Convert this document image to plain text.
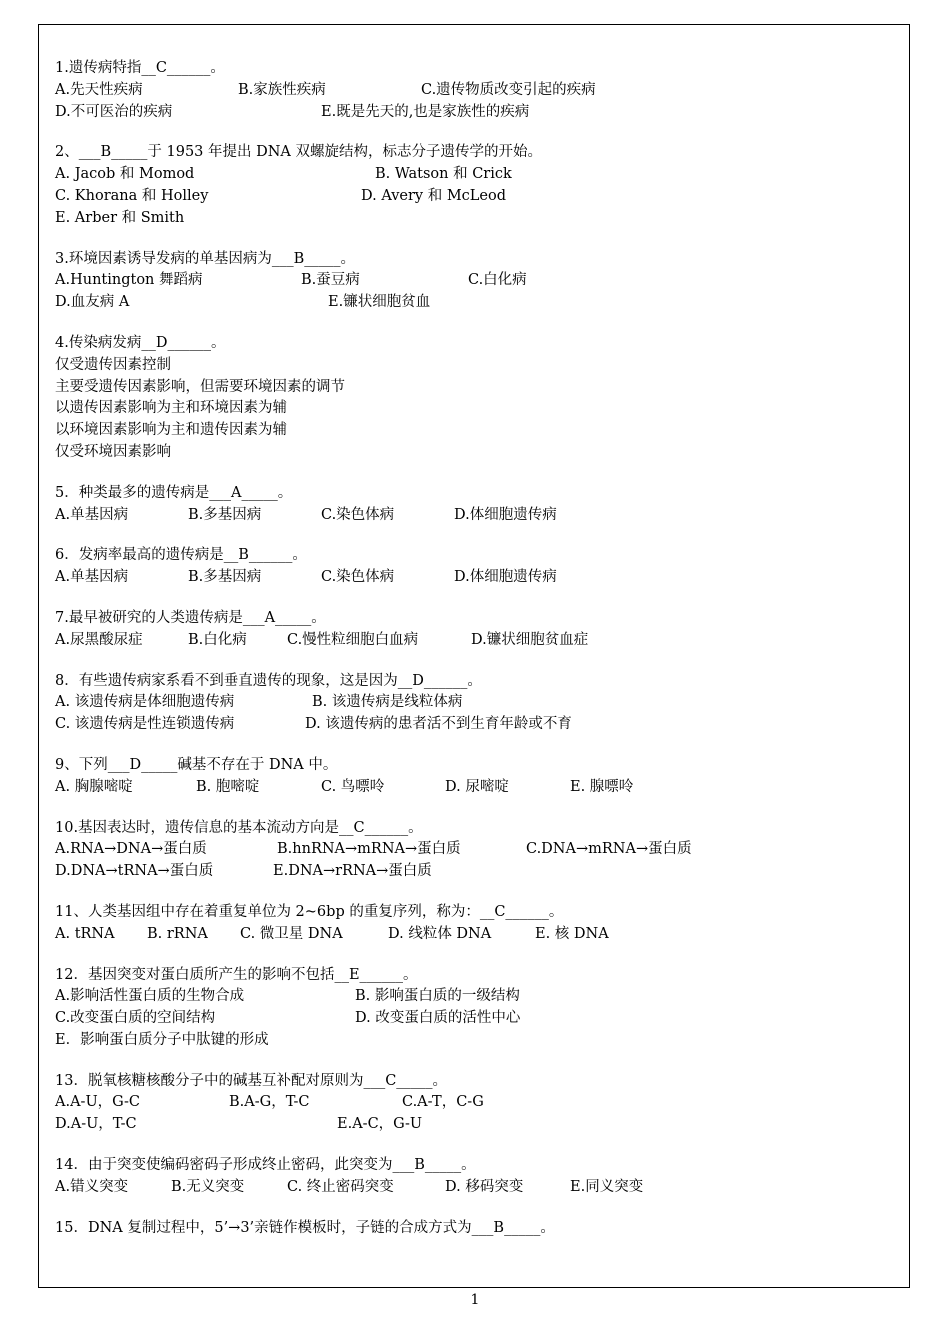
1.遗传病特指__C______。
A.先天性疾病	B.家族性疾病	C.遗传物质改变引起的疾病
D.不可医治的疾病	E.既是先天的,也是家族性的疾病
2、___B_____于 1953 年提出 DNA 双螺旋结构，标志分子遗传学的开始。
A. Jacob 和 Momod	B. Watson 和 Crick
C. Khorana 和 Holley	D. Avery 和 McLeod
E. Arber 和 Smith
3.环境因素诱导发病的单基因病为___B_____。
A.Huntington 舞蹈病	B.蚕豆病	C.白化病
D.血友病 A	E.镰状细胞贫血
4.传染病发病__D______。
仅受遗传因素控制
主要受遗传因素影响，但需要环境因素的调节
以遗传因素影响为主和环境因素为辅
以环境因素影响为主和遗传因素为辅
仅受环境因素影响
5．种类最多的遗传病是___A_____。
A.单基因病	B.多基因病	C.染色体病	D.体细胞遗传病
6．发病率最高的遗传病是__B______。
A.单基因病	B.多基因病	C.染色体病	D.体细胞遗传病
7.最早被研究的人类遗传病是___A_____。
A.尿黑酸尿症	B.白化病	C.慢性粒细胞白血病	D.镰状细胞贫血症
8．有些遗传病家系看不到垂直遗传的现象，这是因为__D______。
A. 该遗传病是体细胞遗传病	B. 该遗传病是线粒体病
C. 该遗传病是性连锁遗传病	D. 该遗传病的患者活不到生育年龄或不育
9、下列___D_____碱基不存在于 DNA 中。
A. 胸腺嘧啶	B. 胞嘧啶	C. 鸟嘌呤	D. 尿嘧啶	E. 腺嘌呤
10.基因表达时，遗传信息的基本流动方向是__C______。
A.RNA→DNA→蛋白质	B.hnRNA→mRNA→蛋白质	C.DNA→mRNA→蛋白质
D.DNA→tRNA→蛋白质	E.DNA→rRNA→蛋白质
11、人类基因组中存在着重复单位为 2~6bp 的重复序列，称为：__C______。
A. tRNA B. rRNA C. 微卫星 DNA	D. 线粒体 DNA	E. 核 DNA
12．基因突变对蛋白质所产生的影响不包括__E______。
A.影响活性蛋白质的生物合成	B. 影响蛋白质的一级结构
C.改变蛋白质的空间结构	D. 改变蛋白质的活性中心
E．影响蛋白质分子中肽键的形成
13．脱氧核糖核酸分子中的碱基互补配对原则为___C_____。
A.A-U，G-C	B.A-G，T-C	C.A-T，C-G
D.A-U，T-C	E.A-C，G-U
14．由于突变使编码密码子形成终止密码，此突变为___B_____。
A.错义突变	B.无义突变	C. 终止密码突变	D. 移码突变	E.同义突变
15．DNA 复制过程中，5’→3’亲链作模板时，子链的合成方式为___B_____。
1
